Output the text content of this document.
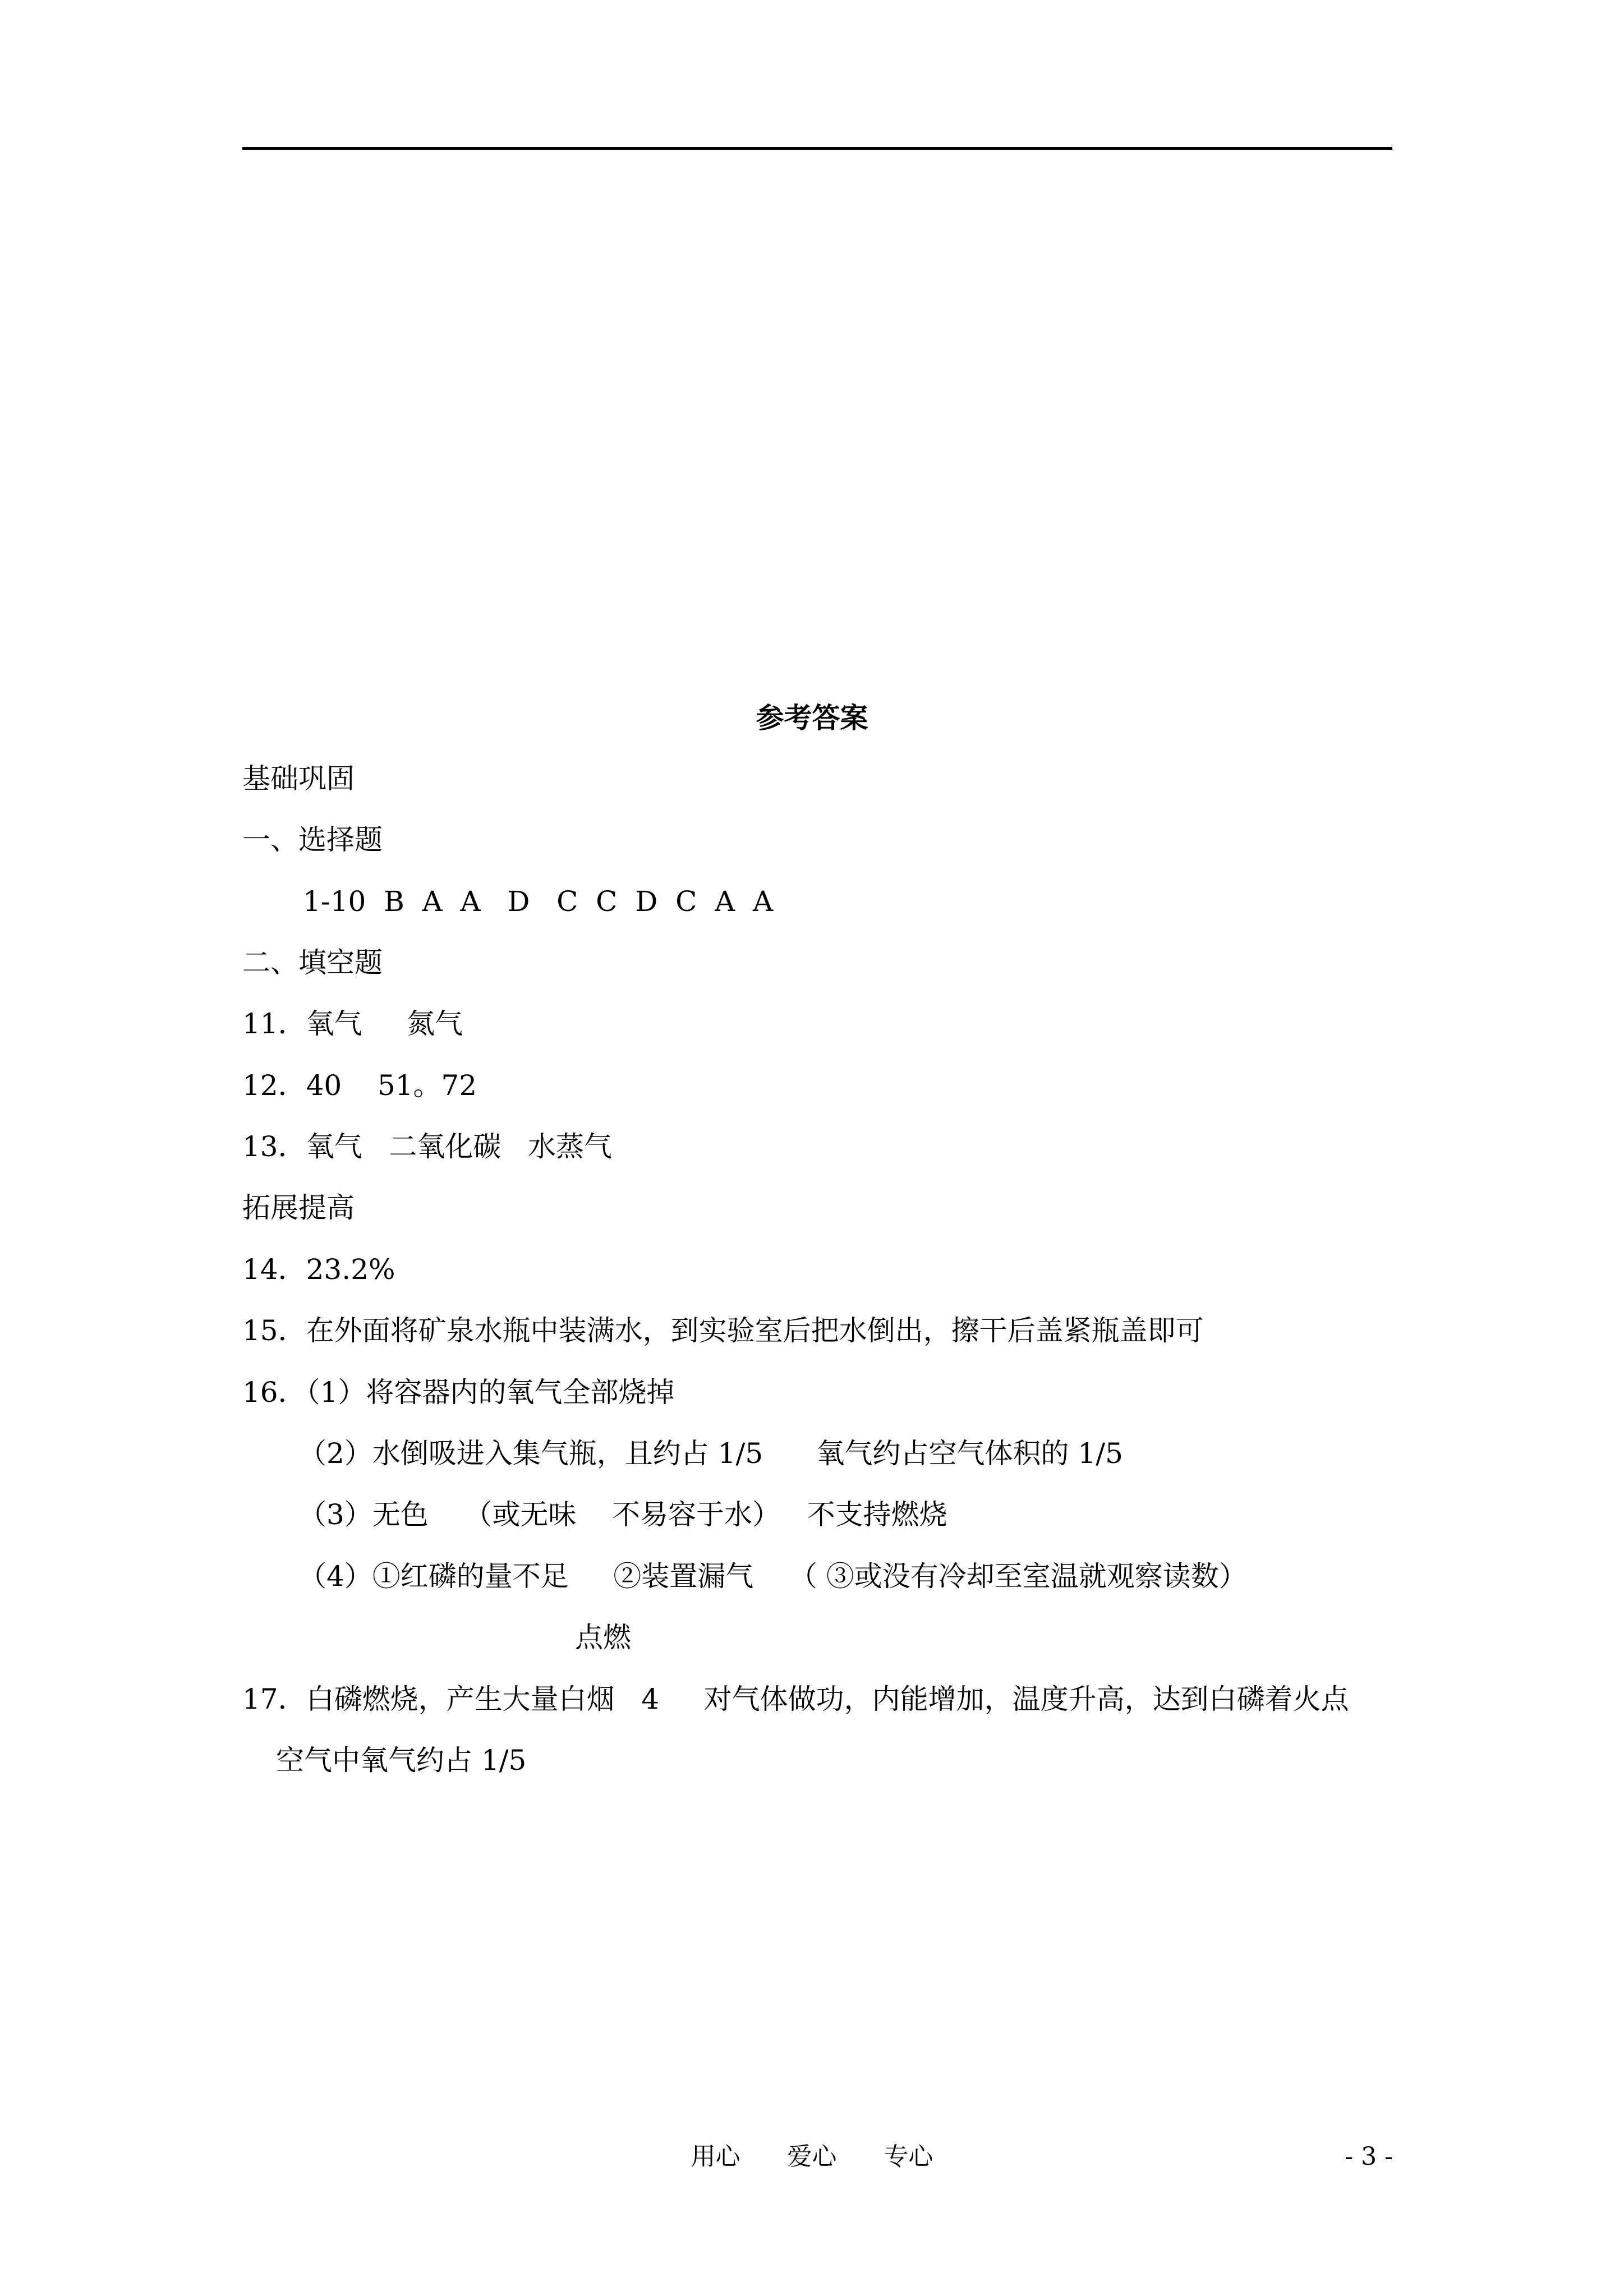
参考答案
基础巩固
一、选择题
1-10  B  A  A   D   C  C  D  C  A  A
二、填空题
11．氧气     氮气
12．40    51。72
13．氧气   二氧化碳   水蒸气
拓展提高
14．23.2%
15．在外面将矿泉水瓶中装满水，到实验室后把水倒出，擦干后盖紧瓶盖即可
16．（1）将容器内的氧气全部烧掉
（2）水倒吸进入集气瓶，且约占 1/5      氧气约占空气体积的 1/5
（3）无色    （或无味    不易容于水）   不支持燃烧
（4）①红磷的量不足     ②装置漏气    （ ③或没有冷却至室温就观察读数）
点燃
17．白磷燃烧，产生大量白烟   4     对气体做功，内能增加，温度升高，达到白磷着火点
空气中氧气约占 1/5
用心      爱心      专心	- 3 -
